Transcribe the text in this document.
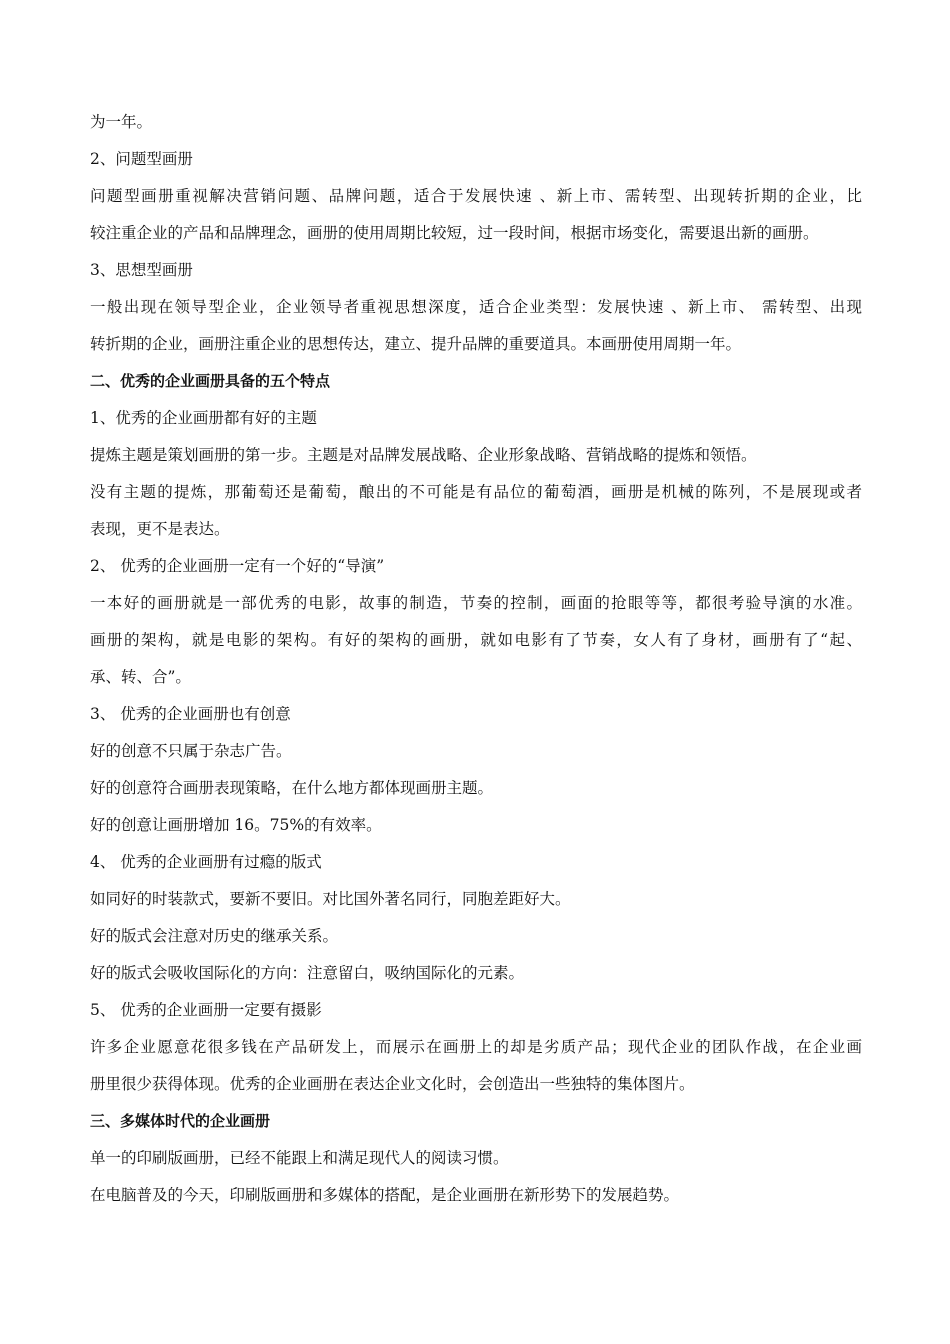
为一年。
2、问题型画册
问题型画册重视解决营销问题、品牌问题，适合于发展快速 、新上市、需转型、出现转折期的企业，比
较注重企业的产品和品牌理念，画册的使用周期比较短，过一段时间，根据市场变化，需要退出新的画册。
3、思想型画册
一般出现在领导型企业，企业领导者重视思想深度，适合企业类型：发展快速 、新上市、 需转型、出现
转折期的企业，画册注重企业的思想传达，建立、提升品牌的重要道具。本画册使用周期一年。
二、优秀的企业画册具备的五个特点
1、优秀的企业画册都有好的主题
提炼主题是策划画册的第一步。主题是对品牌发展战略、企业形象战略、营销战略的提炼和领悟。
没有主题的提炼，那葡萄还是葡萄，酿出的不可能是有品位的葡萄酒，画册是机械的陈列，不是展现或者
表现，更不是表达。
2、 优秀的企业画册一定有一个好的“导演”
一本好的画册就是一部优秀的电影，故事的制造，节奏的控制，画面的抢眼等等，都很考验导演的水准。
画册的架构，就是电影的架构。有好的架构的画册，就如电影有了节奏，女人有了身材，画册有了“起、
承、转、合”。
3、 优秀的企业画册也有创意
好的创意不只属于杂志广告。
好的创意符合画册表现策略，在什么地方都体现画册主题。
好的创意让画册增加 16。75%的有效率。
4、 优秀的企业画册有过瘾的版式
如同好的时装款式，要新不要旧。对比国外著名同行，同胞差距好大。
好的版式会注意对历史的继承关系。
好的版式会吸收国际化的方向：注意留白，吸纳国际化的元素。
5、 优秀的企业画册一定要有摄影
许多企业愿意花很多钱在产品研发上，而展示在画册上的却是劣质产品；现代企业的团队作战，在企业画
册里很少获得体现。优秀的企业画册在表达企业文化时，会创造出一些独特的集体图片。
三、多媒体时代的企业画册
单一的印刷版画册，已经不能跟上和满足现代人的阅读习惯。
在电脑普及的今天，印刷版画册和多媒体的搭配，是企业画册在新形势下的发展趋势。
